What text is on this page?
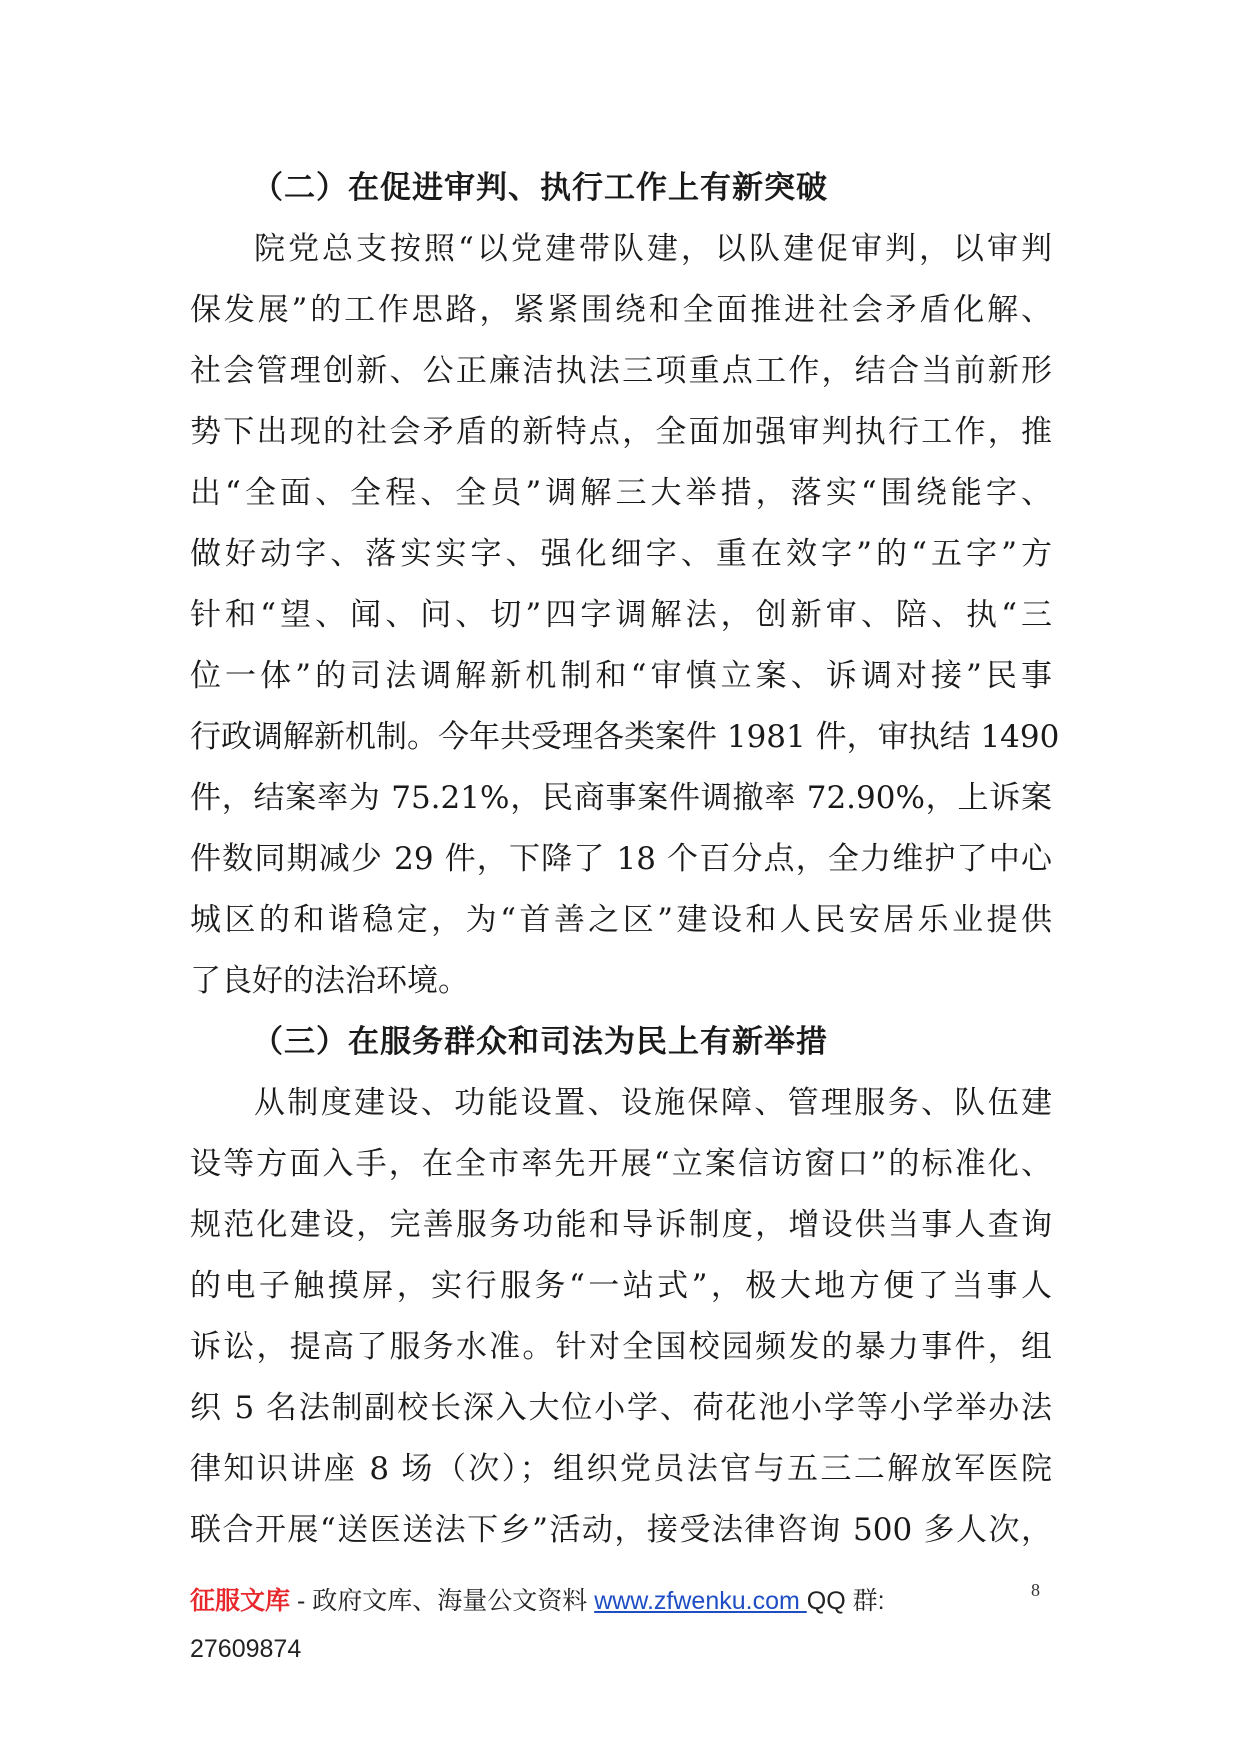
（二）在促进审判、执行工作上有新突破
院党总支按照“以党建带队建，以队建促审判，以审判
保发展”的工作思路，紧紧围绕和全面推进社会矛盾化解、
社会管理创新、公正廉洁执法三项重点工作，结合当前新形
势下出现的社会矛盾的新特点，全面加强审判执行工作，推
出“全面、全程、全员”调解三大举措，落实“围绕能字、
做好动字、落实实字、强化细字、重在效字”的“五字”方
针和“望、闻、问、切”四字调解法，创新审、陪、执“三
位一体”的司法调解新机制和“审慎立案、诉调对接”民事
行政调解新机制。今年共受理各类案件 1981 件，审执结 1490
件，结案率为 75.21%，民商事案件调撤率 72.90%，上诉案
件数同期减少 29 件，下降了 18 个百分点，全力维护了中心
城区的和谐稳定，为“首善之区”建设和人民安居乐业提供
了良好的法治环境。
（三）在服务群众和司法为民上有新举措
从制度建设、功能设置、设施保障、管理服务、队伍建
设等方面入手，在全市率先开展“立案信访窗口”的标准化、
规范化建设，完善服务功能和导诉制度，增设供当事人查询
的电子触摸屏，实行服务“一站式”，极大地方便了当事人
诉讼，提高了服务水准。针对全国校园频发的暴力事件，组
织 5 名法制副校长深入大位小学、荷花池小学等小学举办法
律知识讲座 8 场（次）；组织党员法官与五三二解放军医院
联合开展“送医送法下乡”活动，接受法律咨询 500 多人次，
8
征服文库 - 政府文库、海量公文资料 www.zfwenku.com QQ 群:
27609874
